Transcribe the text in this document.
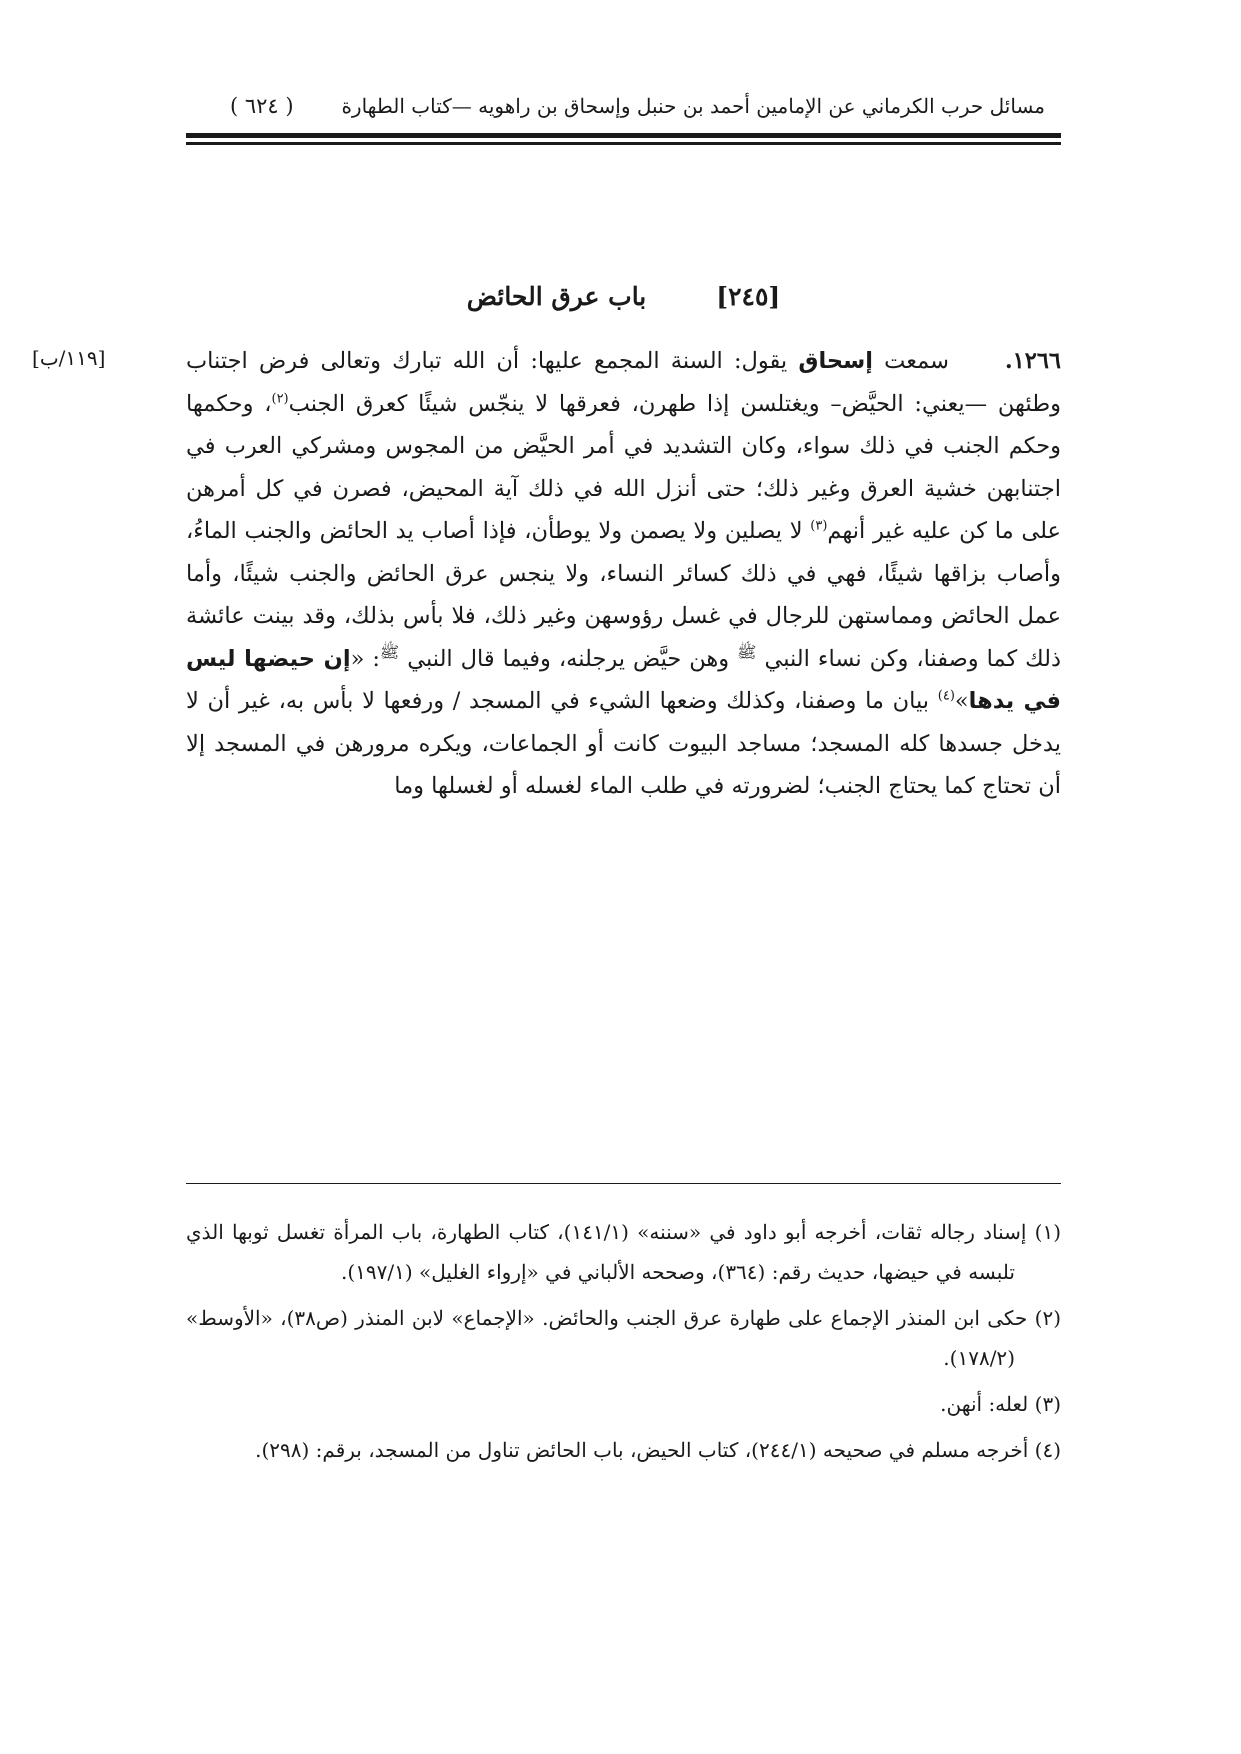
مسائل حرب الكرماني عن الإمامين أحمد بن حنبل وإسحاق بن راهويه —كتاب الطهارة
( ٦٢٤ )
[٢٤٥]باب عرق الحائض
[١١٩/ب]	١٢٦٦.     سمعت إسحاق يقول: السنة المجمع عليها: أن الله تبارك وتعالى فرض اجتناب وطئهن —يعني: الحيَّض– ويغتلسن إذا طهرن، فعرقها لا ينجّس شيئًا كعرق الجنب$^{(٢)}$، وحكمها وحكم الجنب في ذلك سواء، وكان التشديد في أمر الحيَّض من المجوس ومشركي العرب في اجتنابهن خشية العرق وغير ذلك؛ حتى أنزل الله في ذلك آية المحيض، فصرن في كل أمرهن على ما كن عليه غير أنهم$^{(٣)}$ لا يصلين ولا يصمن ولا يوطأن، فإذا أصاب يد الحائض والجنب الماءُ، وأصاب بزاقها شيئًا، فهي في ذلك كسائر النساء، ولا ينجس عرق الحائض والجنب شيئًا، وأما عمل الحائض ومماستهن للرجال في غسل رؤوسهن وغير ذلك، فلا بأس بذلك، وقد بينت عائشة ذلك كما وصفنا، وكن نساء النبي $^ﷺ$ وهن حيَّض يرجلنه، وفيما قال النبي $^ﷺ$: «إن حيضها ليس في يدها»$^{(٤)}$ بيان ما وصفنا، وكذلك وضعها الشيء في المسجد / ورفعها لا بأس به، غير أن لا يدخل جسدها كله المسجد؛ مساجد البيوت كانت أو الجماعات، ويكره مرورهن في المسجد إلا أن تحتاج كما يحتاج الجنب؛ لضرورته في طلب الماء لغسله أو لغسلها وما

(١) إسناد رجاله ثقات، أخرجه أبو داود في «سننه» (١٤١/١)، كتاب الطهارة، باب المرأة تغسل ثوبها الذي تلبسه في حيضها، حديث رقم: (٣٦٤)، وصححه الألباني في «إرواء الغليل» (١٩٧/١).

(٢) حكى ابن المنذر الإجماع على طهارة عرق الجنب والحائض. «الإجماع» لابن المنذر (ص٣٨)، «الأوسط» (١٧٨/٢).

(٣) لعله: أنهن.

(٤) أخرجه مسلم في صحيحه (٢٤٤/١)، كتاب الحيض، باب الحائض تناول من المسجد، برقم: (٢٩٨).
